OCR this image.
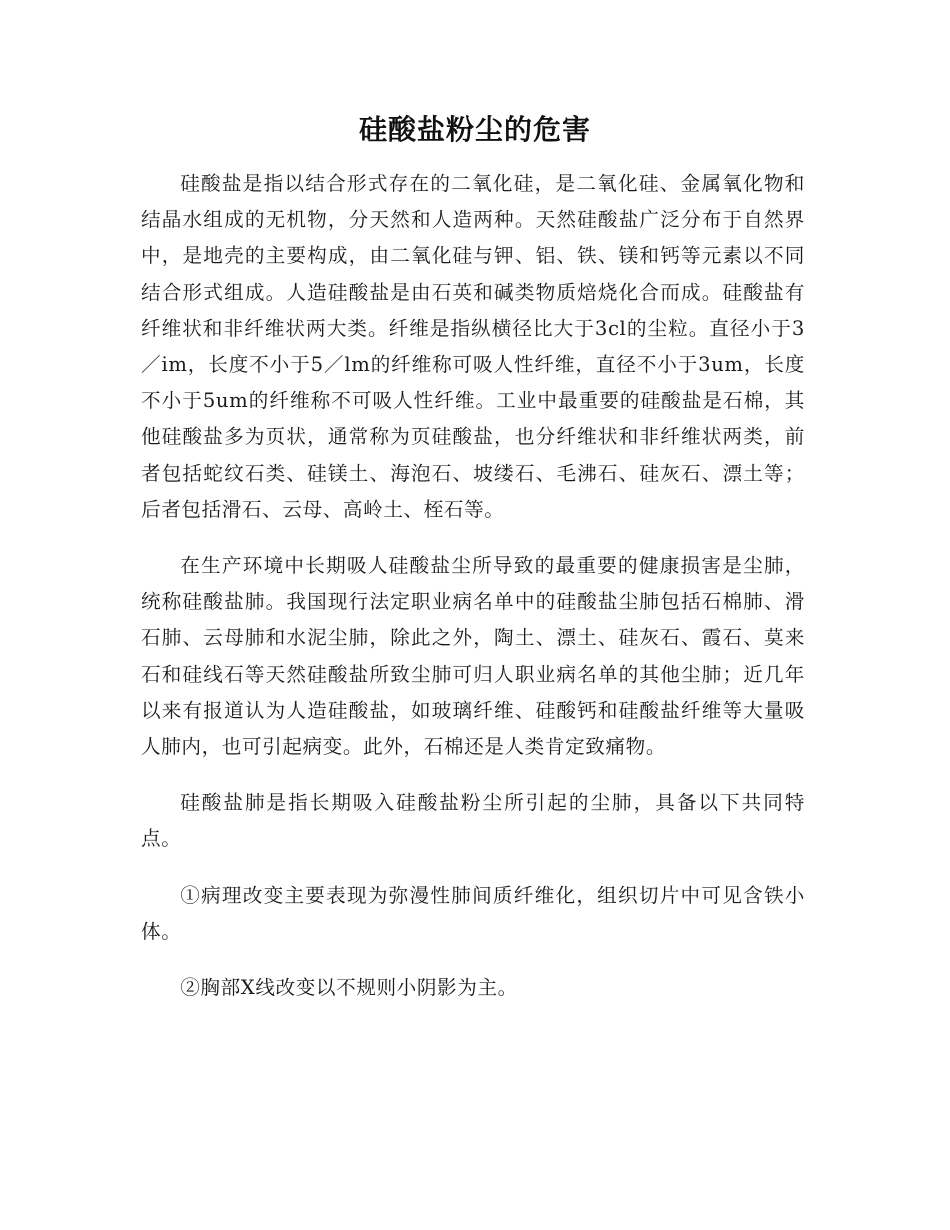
硅酸盐粉尘的危害

硅酸盐是指以结合形式存在的二氧化硅，是二氧化硅、金属氧化物和结晶水组成的无机物，分天然和人造两种。天然硅酸盐广泛分布于自然界中，是地壳的主要构成，由二氧化硅与钾、铝、铁、镁和钙等元素以不同结合形式组成。人造硅酸盐是由石英和碱类物质焙烧化合而成。硅酸盐有纤维状和非纤维状两大类。纤维是指纵横径比大于3cl的尘粒。直径小于3／im，长度不小于5／lm的纤维称可吸人性纤维，直径不小于3um，长度不小于5um的纤维称不可吸人性纤维。工业中最重要的硅酸盐是石棉，其他硅酸盐多为页状，通常称为页硅酸盐，也分纤维状和非纤维状两类，前者包括蛇纹石类、硅镁土、海泡石、坡缕石、毛沸石、硅灰石、漂土等；后者包括滑石、云母、高岭土、桎石等。

在生产环境中长期吸人硅酸盐尘所导致的最重要的健康损害是尘肺，统称硅酸盐肺。我国现行法定职业病名单中的硅酸盐尘肺包括石棉肺、滑石肺、云母肺和水泥尘肺，除此之外，陶土、漂土、硅灰石、霞石、莫来石和硅线石等天然硅酸盐所致尘肺可归人职业病名单的其他尘肺；近几年以来有报道认为人造硅酸盐，如玻璃纤维、硅酸钙和硅酸盐纤维等大量吸人肺内，也可引起病变。此外，石棉还是人类肯定致痛物。

硅酸盐肺是指长期吸入硅酸盐粉尘所引起的尘肺，具备以下共同特点。

①病理改变主要表现为弥漫性肺间质纤维化，组织切片中可见含铁小体。

②胸部X线改变以不规则小阴影为主。
